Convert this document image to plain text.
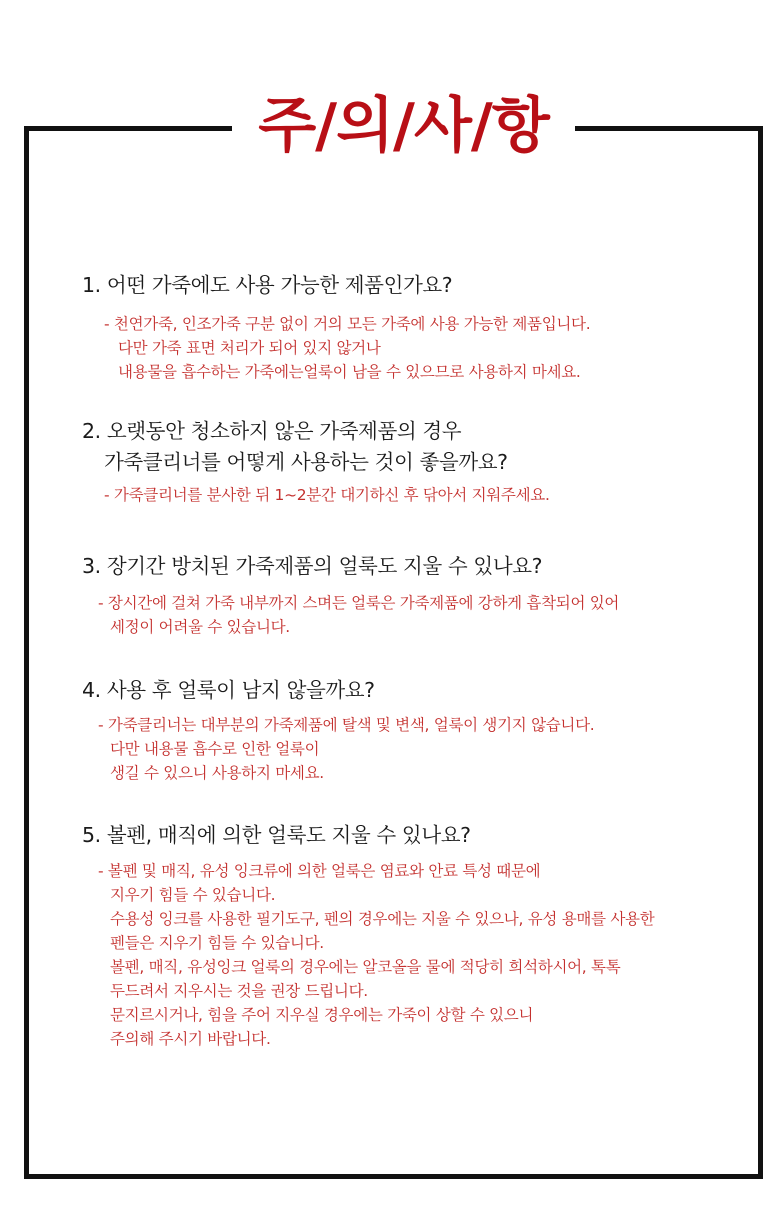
주/의/사/항
1. 어떤 가죽에도 사용 가능한 제품인가요?
- 천연가죽, 인조가죽 구분 없이 거의 모든 가죽에 사용 가능한 제품입니다.
다만 가죽 표면 처리가 되어 있지 않거나
내용물을 흡수하는 가죽에는얼룩이 남을 수 있으므로 사용하지 마세요.
2. 오랫동안 청소하지 않은 가죽제품의 경우
가죽클리너를 어떻게 사용하는 것이 좋을까요?
- 가죽클리너를 분사한 뒤 1~2분간 대기하신 후 닦아서 지워주세요.
3. 장기간 방치된 가죽제품의 얼룩도 지울 수 있나요?
- 장시간에 걸쳐 가죽 내부까지 스며든 얼룩은 가죽제품에 강하게 흡착되어 있어
세정이 어려울 수 있습니다.
4. 사용 후 얼룩이 남지 않을까요?
- 가죽클리너는 대부분의 가죽제품에 탈색 및 변색, 얼룩이 생기지 않습니다.
다만 내용물 흡수로 인한 얼룩이
생길 수 있으니 사용하지 마세요.
5. 볼펜, 매직에 의한 얼룩도 지울 수 있나요?
- 볼펜 및 매직, 유성 잉크류에 의한 얼룩은 염료와 안료 특성 때문에
지우기 힘들 수 있습니다.
수용성 잉크를 사용한 필기도구, 펜의 경우에는 지울 수 있으나, 유성 용매를 사용한
펜들은 지우기 힘들 수 있습니다.
볼펜, 매직, 유성잉크 얼룩의 경우에는 알코올을 물에 적당히 희석하시어, 톡톡
두드려서 지우시는 것을 권장 드립니다.
문지르시거나, 힘을 주어 지우실 경우에는 가죽이 상할 수 있으니
주의해 주시기 바랍니다.
